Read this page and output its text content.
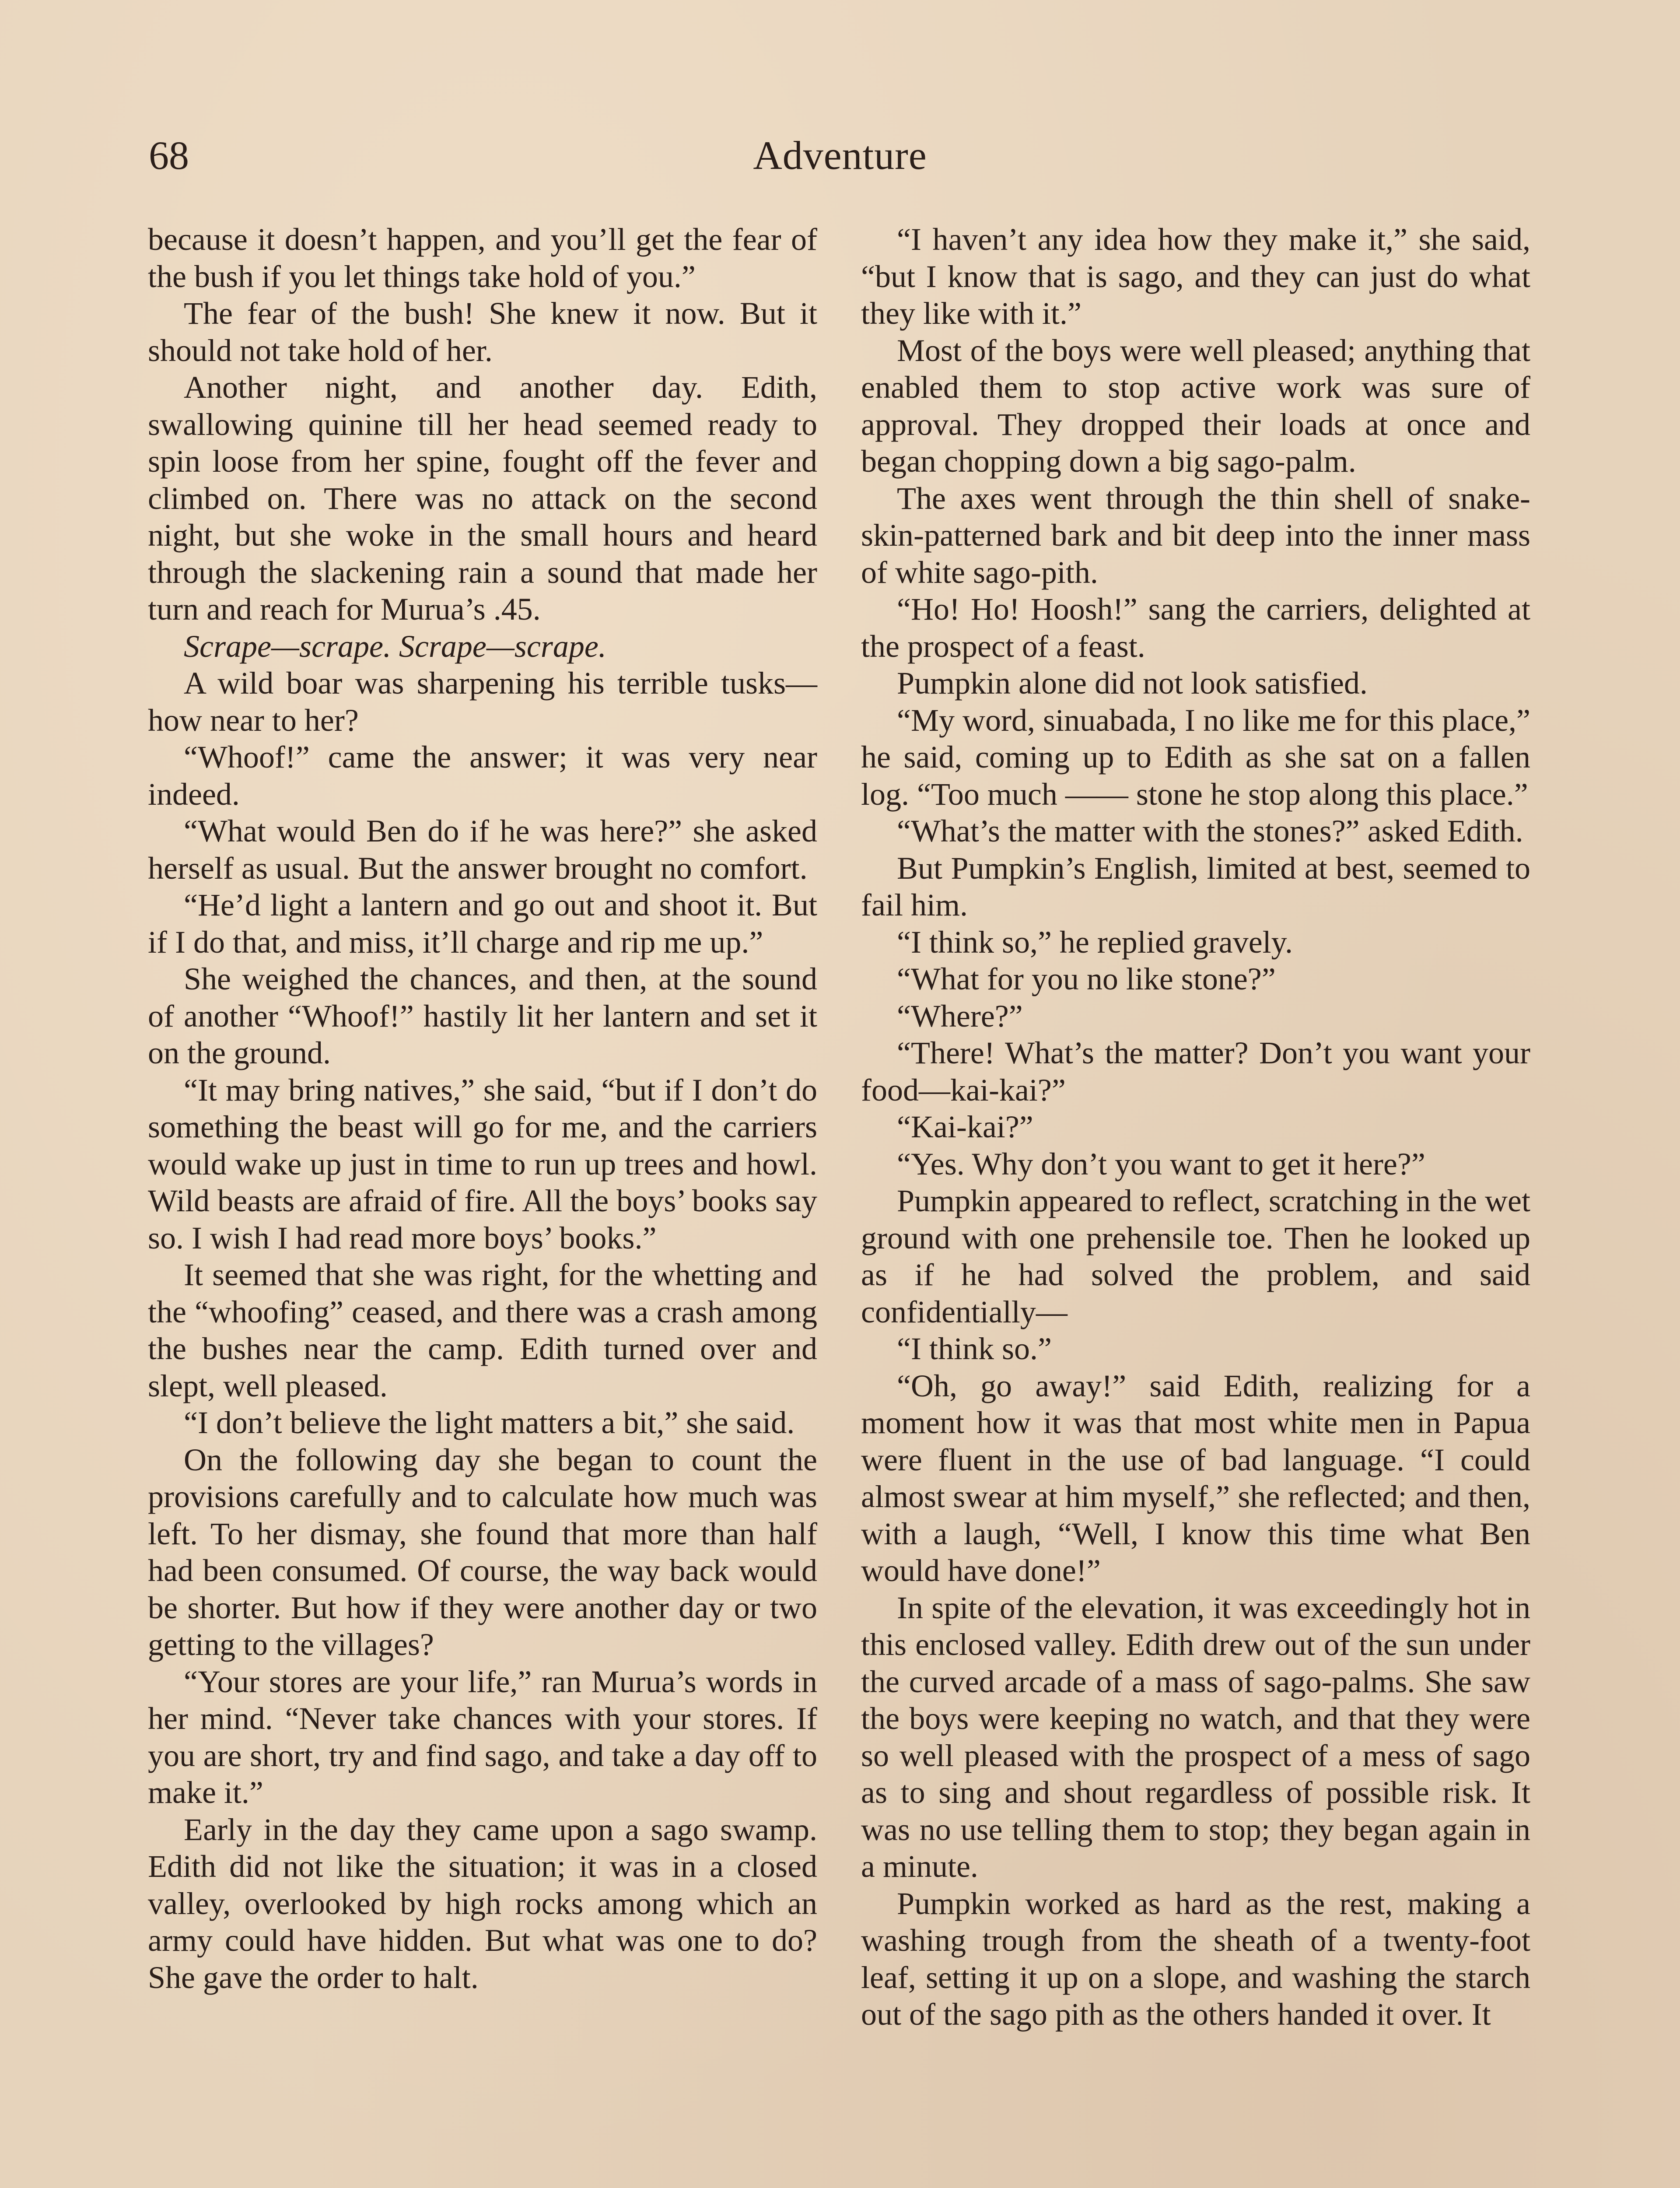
68	Adventure

because it doesn’t happen, and you’ll get the fear of the bush if you let things take hold of you.”

The fear of the bush! She knew it now. But it should not take hold of her.

Another night, and another day. Edith, swallowing quinine till her head seemed ready to spin loose from her spine, fought off the fever and climbed on. There was no attack on the second night, but she woke in the small hours and heard through the slackening rain a sound that made her turn and reach for Murua’s .45.

Scrape—scrape. Scrape—scrape.

A wild boar was sharpening his terrible tusks—how near to her?

“Whoof!” came the answer; it was very near indeed.

“What would Ben do if he was here?” she asked herself as usual. But the answer brought no comfort.

“He’d light a lantern and go out and shoot it. But if I do that, and miss, it’ll charge and rip me up.”

She weighed the chances, and then, at the sound of another “Whoof!” hastily lit her lantern and set it on the ground.

“It may bring natives,” she said, “but if I don’t do something the beast will go for me, and the carriers would wake up just in time to run up trees and howl. Wild beasts are afraid of fire. All the boys’ books say so. I wish I had read more boys’ books.”

It seemed that she was right, for the whetting and the “whoofing” ceased, and there was a crash among the bushes near the camp. Edith turned over and slept, well pleased.

“I don’t believe the light matters a bit,” she said.

On the following day she began to count the provisions carefully and to calculate how much was left. To her dismay, she found that more than half had been consumed. Of course, the way back would be shorter. But how if they were another day or two getting to the villages?

“Your stores are your life,” ran Murua’s words in her mind. “Never take chances with your stores. If you are short, try and find sago, and take a day off to make it.”

Early in the day they came upon a sago swamp. Edith did not like the situation; it was in a closed valley, overlooked by high rocks among which an army could have hidden. But what was one to do? She gave the order to halt.

“I haven’t any idea how they make it,” she said, “but I know that is sago, and they can just do what they like with it.”

Most of the boys were well pleased; anything that enabled them to stop active work was sure of approval. They dropped their loads at once and began chopping down a big sago-palm.

The axes went through the thin shell of snake-skin-patterned bark and bit deep into the inner mass of white sago-pith.

“Ho! Ho! Hoosh!” sang the carriers, delighted at the prospect of a feast.

Pumpkin alone did not look satisfied.

“My word, sinuabada, I no like me for this place,” he said, coming up to Edith as she sat on a fallen log. “Too much —— stone he stop along this place.”

“What’s the matter with the stones?” asked Edith.

But Pumpkin’s English, limited at best, seemed to fail him.

“I think so,” he replied gravely.

“What for you no like stone?”

“Where?”

“There! What’s the matter? Don’t you want your food—kai-kai?”

“Kai-kai?”

“Yes. Why don’t you want to get it here?”

Pumpkin appeared to reflect, scratching in the wet ground with one prehensile toe. Then he looked up as if he had solved the problem, and said confidentially—

“I think so.”

“Oh, go away!” said Edith, realizing for a moment how it was that most white men in Papua were fluent in the use of bad language. “I could almost swear at him myself,” she reflected; and then, with a laugh, “Well, I know this time what Ben would have done!”

In spite of the elevation, it was exceedingly hot in this enclosed valley. Edith drew out of the sun under the curved arcade of a mass of sago-palms. She saw the boys were keeping no watch, and that they were so well pleased with the prospect of a mess of sago as to sing and shout regardless of possible risk. It was no use telling them to stop; they began again in a minute.

Pumpkin worked as hard as the rest, making a washing trough from the sheath of a twenty-foot leaf, setting it up on a slope, and washing the starch out of the sago pith as the others handed it over. It
